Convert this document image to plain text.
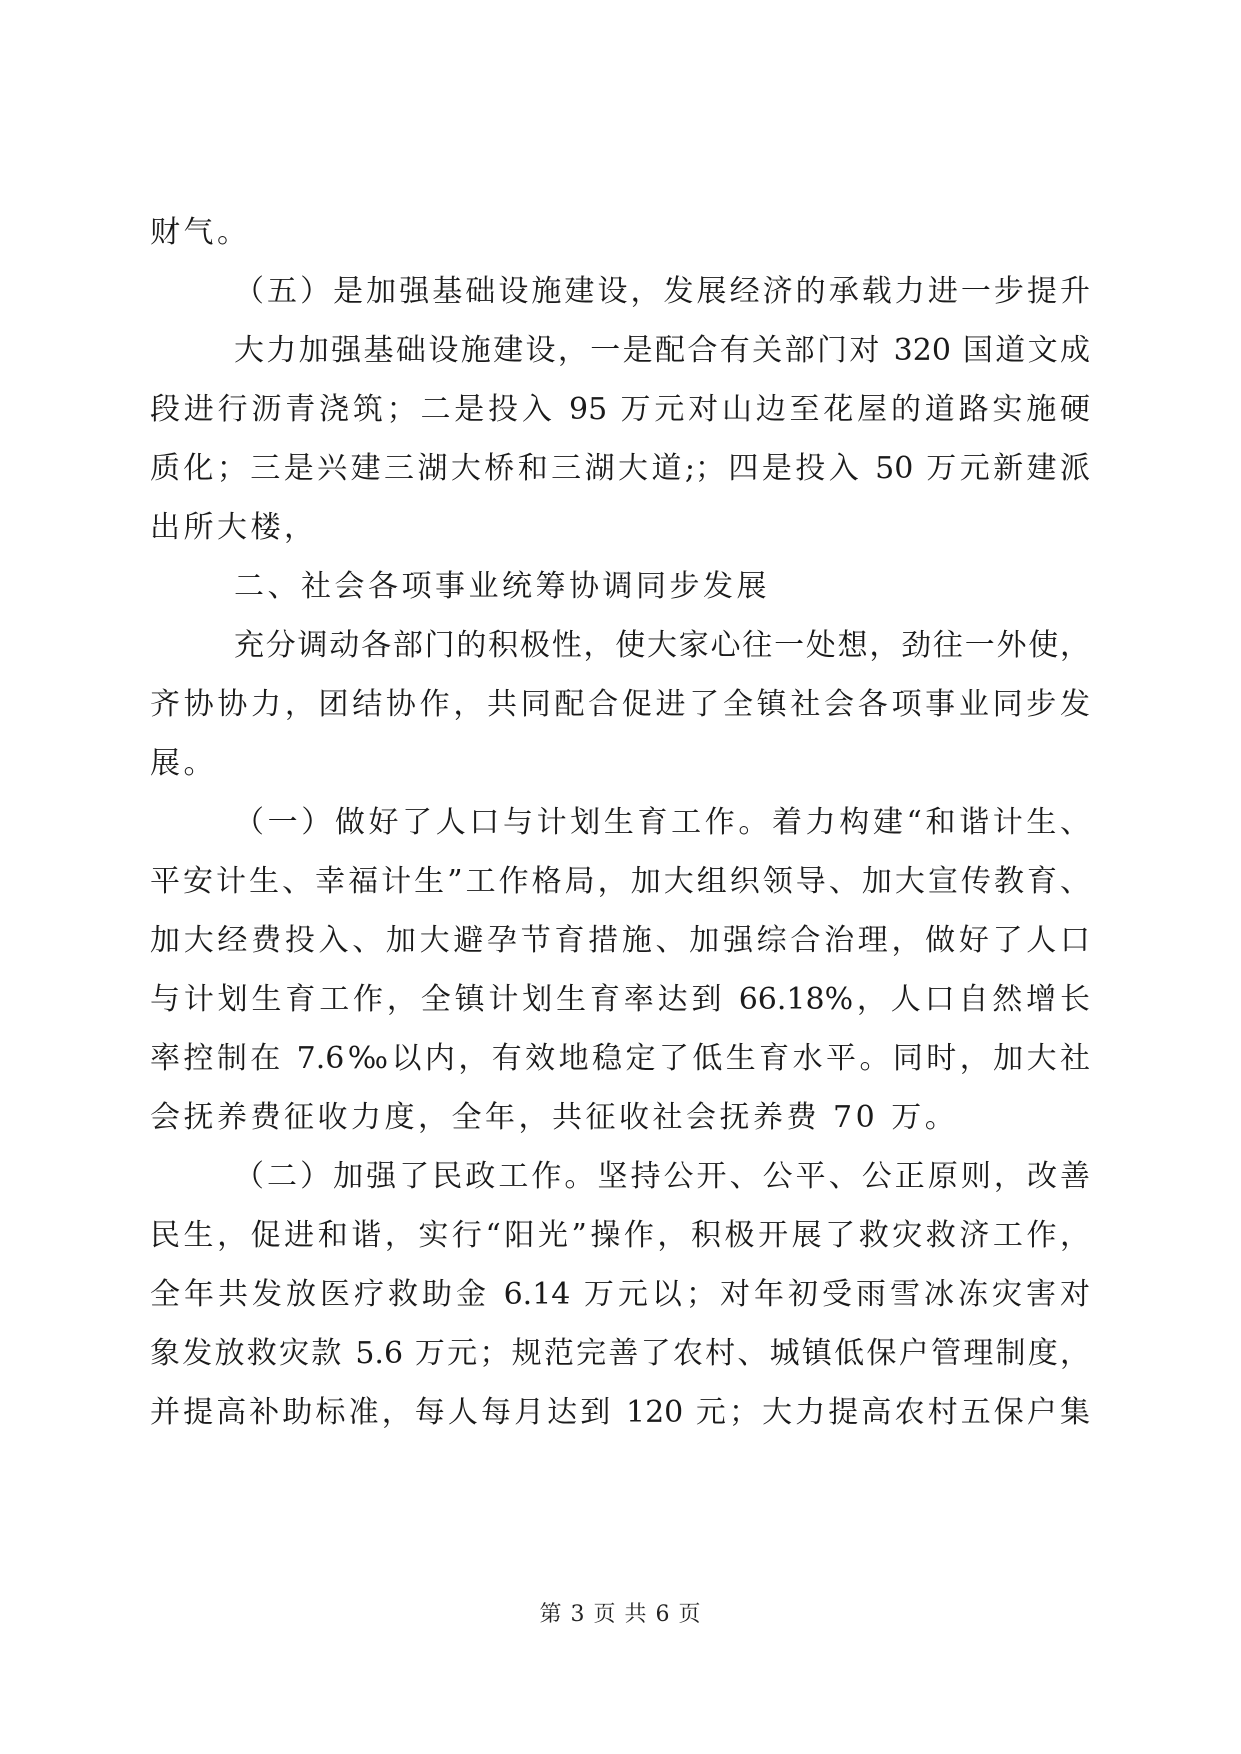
财气。
（五）是加强基础设施建设，发展经济的承载力进一步提升
大力加强基础设施建设，一是配合有关部门对 320 国道文成
段进行沥青浇筑；二是投入 95 万元对山边至花屋的道路实施硬
质化；三是兴建三湖大桥和三湖大道;；四是投入 50 万元新建派
出所大楼，
二、社会各项事业统筹协调同步发展
充分调动各部门的积极性，使大家心往一处想，劲往一外使，
齐协协力，团结协作，共同配合促进了全镇社会各项事业同步发
展。
（一）做好了人口与计划生育工作。着力构建“和谐计生、
平安计生、幸福计生”工作格局，加大组织领导、加大宣传教育、
加大经费投入、加大避孕节育措施、加强综合治理，做好了人口
与计划生育工作，全镇计划生育率达到 66.18%，人口自然增长
率控制在 7.6‰以内，有效地稳定了低生育水平。同时，加大社
会抚养费征收力度，全年，共征收社会抚养费 70 万。
（二）加强了民政工作。坚持公开、公平、公正原则，改善
民生，促进和谐，实行“阳光”操作，积极开展了救灾救济工作，
全年共发放医疗救助金 6.14 万元以；对年初受雨雪冰冻灾害对
象发放救灾款 5.6 万元；规范完善了农村、城镇低保户管理制度，
并提高补助标准，每人每月达到 120 元；大力提高农村五保户集
第 3 页 共 6 页
